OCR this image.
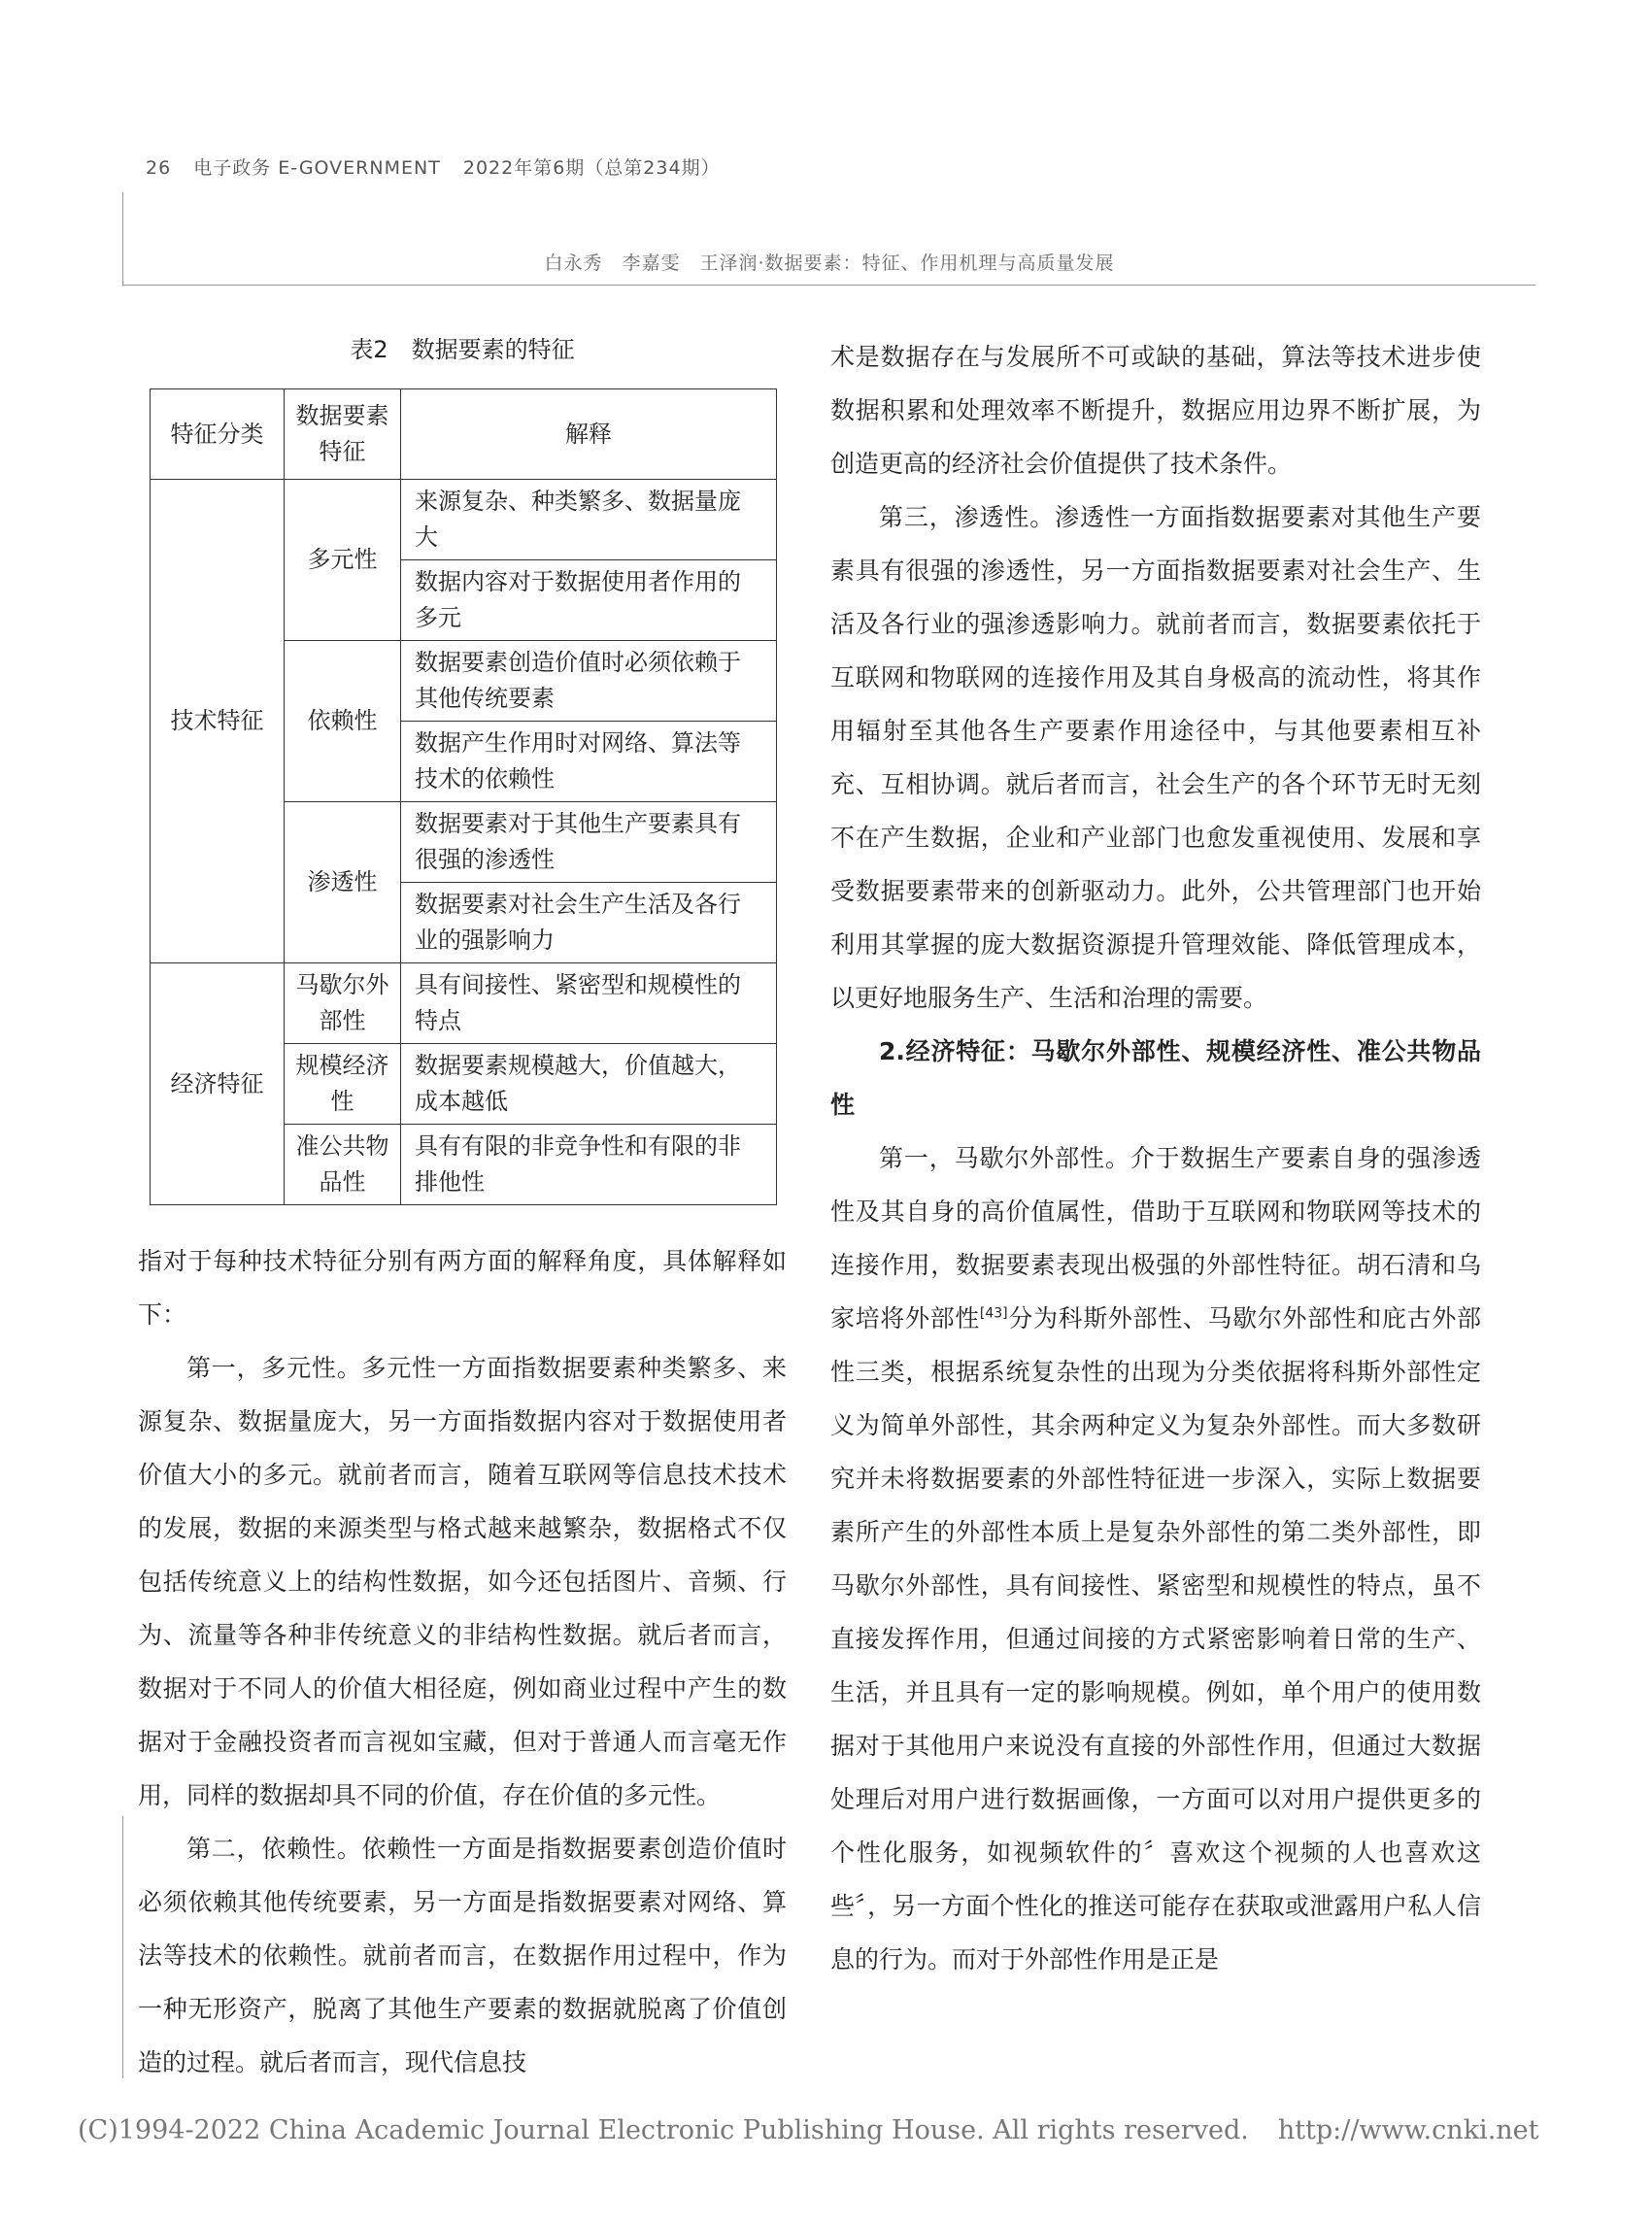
26 电子政务 E-GOVERNMENT 2022年第6期（总第234期）
白永秀　李嘉雯　王泽润·数据要素：特征、作用机理与高质量发展
表2　数据要素的特征
特征分类	数据要素特征	解释
技术特征	多元性	来源复杂、种类繁多、数据量庞大
		数据内容对于数据使用者作用的多元
	依赖性	数据要素创造价值时必须依赖于其他传统要素
		数据产生作用时对网络、算法等技术的依赖性
	渗透性	数据要素对于其他生产要素具有很强的渗透性
		数据要素对社会生产生活及各行业的强影响力
经济特征	马歇尔外部性	具有间接性、紧密型和规模性的特点
	规模经济性	数据要素规模越大，价值越大，成本越低
	准公共物品性	具有有限的非竞争性和有限的非排他性

指对于每种技术特征分别有两方面的解释角度，具体解释如下：

第一，多元性。多元性一方面指数据要素种类繁多、来源复杂、数据量庞大，另一方面指数据内容对于数据使用者价值大小的多元。就前者而言，随着互联网等信息技术技术的发展，数据的来源类型与格式越来越繁杂，数据格式不仅包括传统意义上的结构性数据，如今还包括图片、音频、行为、流量等各种非传统意义的非结构性数据。就后者而言，数据对于不同人的价值大相径庭，例如商业过程中产生的数据对于金融投资者而言视如宝藏，但对于普通人而言毫无作用，同样的数据却具不同的价值，存在价值的多元性。

第二，依赖性。依赖性一方面是指数据要素创造价值时必须依赖其他传统要素，另一方面是指数据要素对网络、算法等技术的依赖性。就前者而言，在数据作用过程中，作为一种无形资产，脱离了其他生产要素的数据就脱离了价值创造的过程。就后者而言，现代信息技

术是数据存在与发展所不可或缺的基础，算法等技术进步使数据积累和处理效率不断提升，数据应用边界不断扩展，为创造更高的经济社会价值提供了技术条件。

第三，渗透性。渗透性一方面指数据要素对其他生产要素具有很强的渗透性，另一方面指数据要素对社会生产、生活及各行业的强渗透影响力。就前者而言，数据要素依托于互联网和物联网的连接作用及其自身极高的流动性，将其作用辐射至其他各生产要素作用途径中，与其他要素相互补充、互相协调。就后者而言，社会生产的各个环节无时无刻不在产生数据，企业和产业部门也愈发重视使用、发展和享受数据要素带来的创新驱动力。此外，公共管理部门也开始利用其掌握的庞大数据资源提升管理效能、降低管理成本，以更好地服务生产、生活和治理的需要。

2.经济特征：马歇尔外部性、规模经济性、准公共物品性

第一，马歇尔外部性。介于数据生产要素自身的强渗透性及其自身的高价值属性，借助于互联网和物联网等技术的连接作用，数据要素表现出极强的外部性特征。胡石清和乌家培将外部性[43]分为科斯外部性、马歇尔外部性和庇古外部性三类，根据系统复杂性的出现为分类依据将科斯外部性定义为简单外部性，其余两种定义为复杂外部性。而大多数研究并未将数据要素的外部性特征进一步深入，实际上数据要素所产生的外部性本质上是复杂外部性的第二类外部性，即马歇尔外部性，具有间接性、紧密型和规模性的特点，虽不直接发挥作用，但通过间接的方式紧密影响着日常的生产、生活，并且具有一定的影响规模。例如，单个用户的使用数据对于其他用户来说没有直接的外部性作用，但通过大数据处理后对用户进行数据画像，一方面可以对用户提供更多的个性化服务，如视频软件的〞喜欢这个视频的人也喜欢这些〞，另一方面个性化的推送可能存在获取或泄露用户私人信息的行为。而对于外部性作用是正是

(C)1994-2022 China Academic Journal Electronic Publishing House. All rights reserved. http://www.cnki.net
